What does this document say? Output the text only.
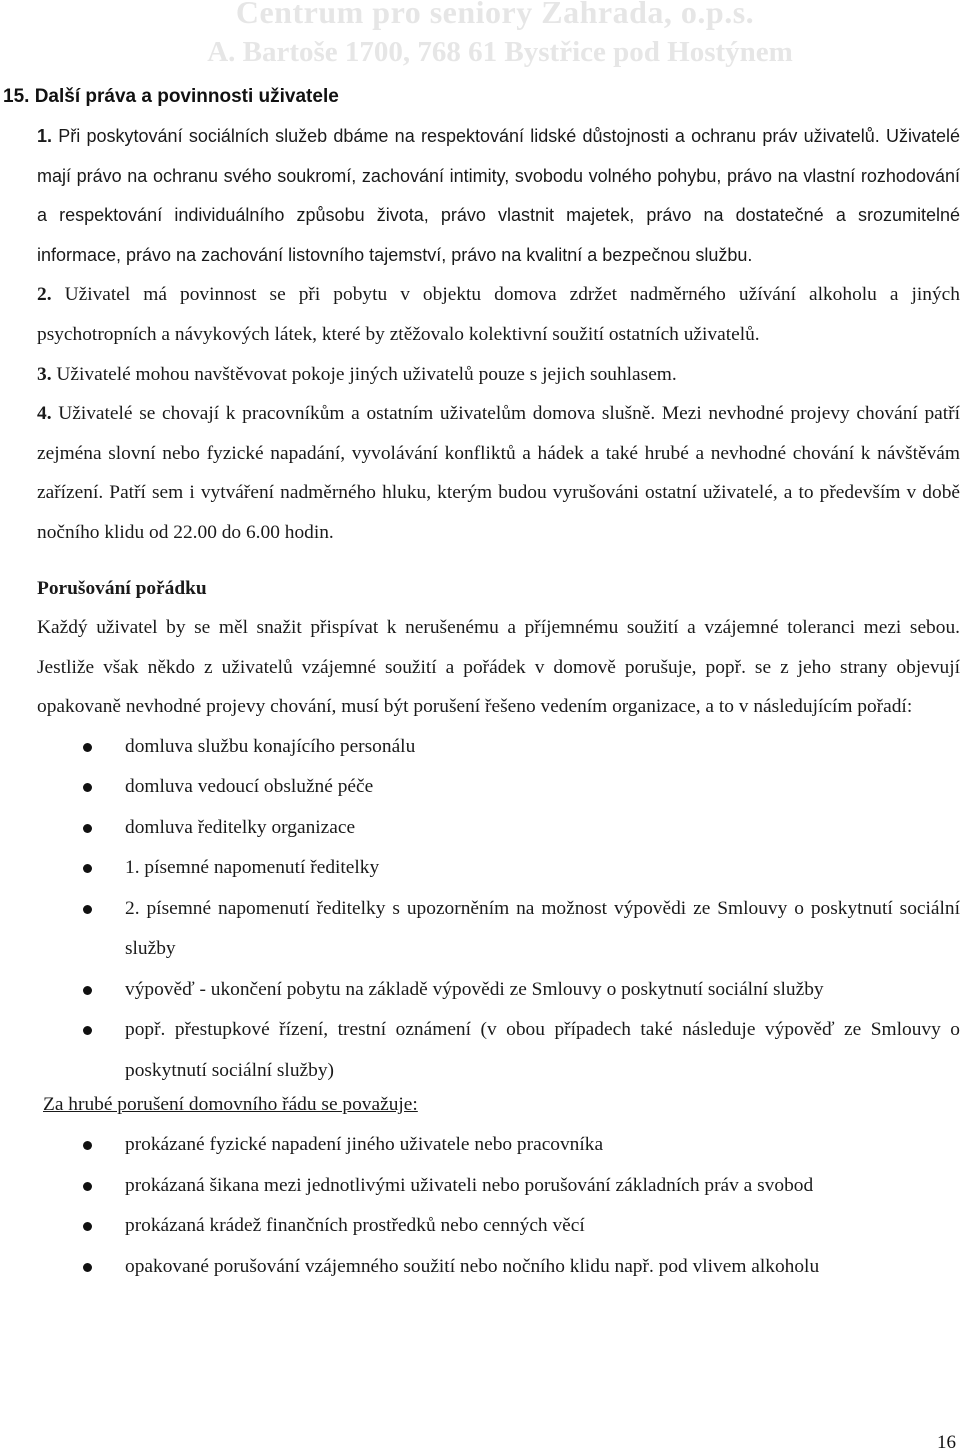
Centrum pro seniory Zahrada, o.p.s.
A. Bartoše 1700, 768 61 Bystřice pod Hostýnem
15. Další práva a povinnosti uživatele

1. Při poskytování sociálních služeb dbáme na respektování lidské důstojnosti a ochranu práv uživatelů. Uživatelé mají právo na ochranu svého soukromí, zachování intimity, svobodu volného pohybu, právo na vlastní rozhodování a respektování individuálního způsobu života, právo vlastnit majetek, právo na dostatečné a srozumitelné informace, právo na zachování listovního tajemství, právo na kvalitní a bezpečnou službu.

2. Uživatel má povinnost se při pobytu v objektu domova zdržet nadměrného užívání alkoholu a jiných psychotropních a návykových látek, které by ztěžovalo kolektivní soužití ostatních uživatelů.

3. Uživatelé mohou navštěvovat pokoje jiných uživatelů pouze s jejich souhlasem.

4. Uživatelé se chovají k pracovníkům a ostatním uživatelům domova slušně. Mezi nevhodné projevy chování patří zejména slovní nebo fyzické napadání, vyvolávání konfliktů a hádek a také hrubé a nevhodné chování k návštěvám zařízení. Patří sem i vytváření nadměrného hluku, kterým budou vyrušováni ostatní uživatelé, a to především v době nočního klidu od 22.00 do 6.00 hodin.

Porušování pořádku

Každý uživatel by se měl snažit přispívat k nerušenému a příjemnému soužití a vzájemné toleranci mezi sebou. Jestliže však někdo z uživatelů vzájemné soužití a pořádek v domově porušuje, popř. se z jeho strany objevují opakovaně nevhodné projevy chování, musí být porušení řešeno vedením organizace, a to v následujícím pořadí:

domluva službu konajícího personálu
domluva vedoucí obslužné péče
domluva ředitelky organizace
1. písemné napomenutí ředitelky
2. písemné napomenutí ředitelky s upozorněním na možnost výpovědi ze Smlouvy o poskytnutí sociální služby
výpověď - ukončení pobytu na základě výpovědi ze Smlouvy o poskytnutí sociální služby
popř. přestupkové řízení, trestní oznámení (v obou případech také následuje výpověď ze Smlouvy o poskytnutí sociální služby)

Za hrubé porušení domovního řádu se považuje:

prokázané fyzické napadení jiného uživatele nebo pracovníka
prokázaná šikana mezi jednotlivými uživateli nebo porušování základních práv a svobod
prokázaná krádež finančních prostředků nebo cenných věcí
opakované porušování vzájemného soužití nebo nočního klidu např. pod vlivem alkoholu
16
